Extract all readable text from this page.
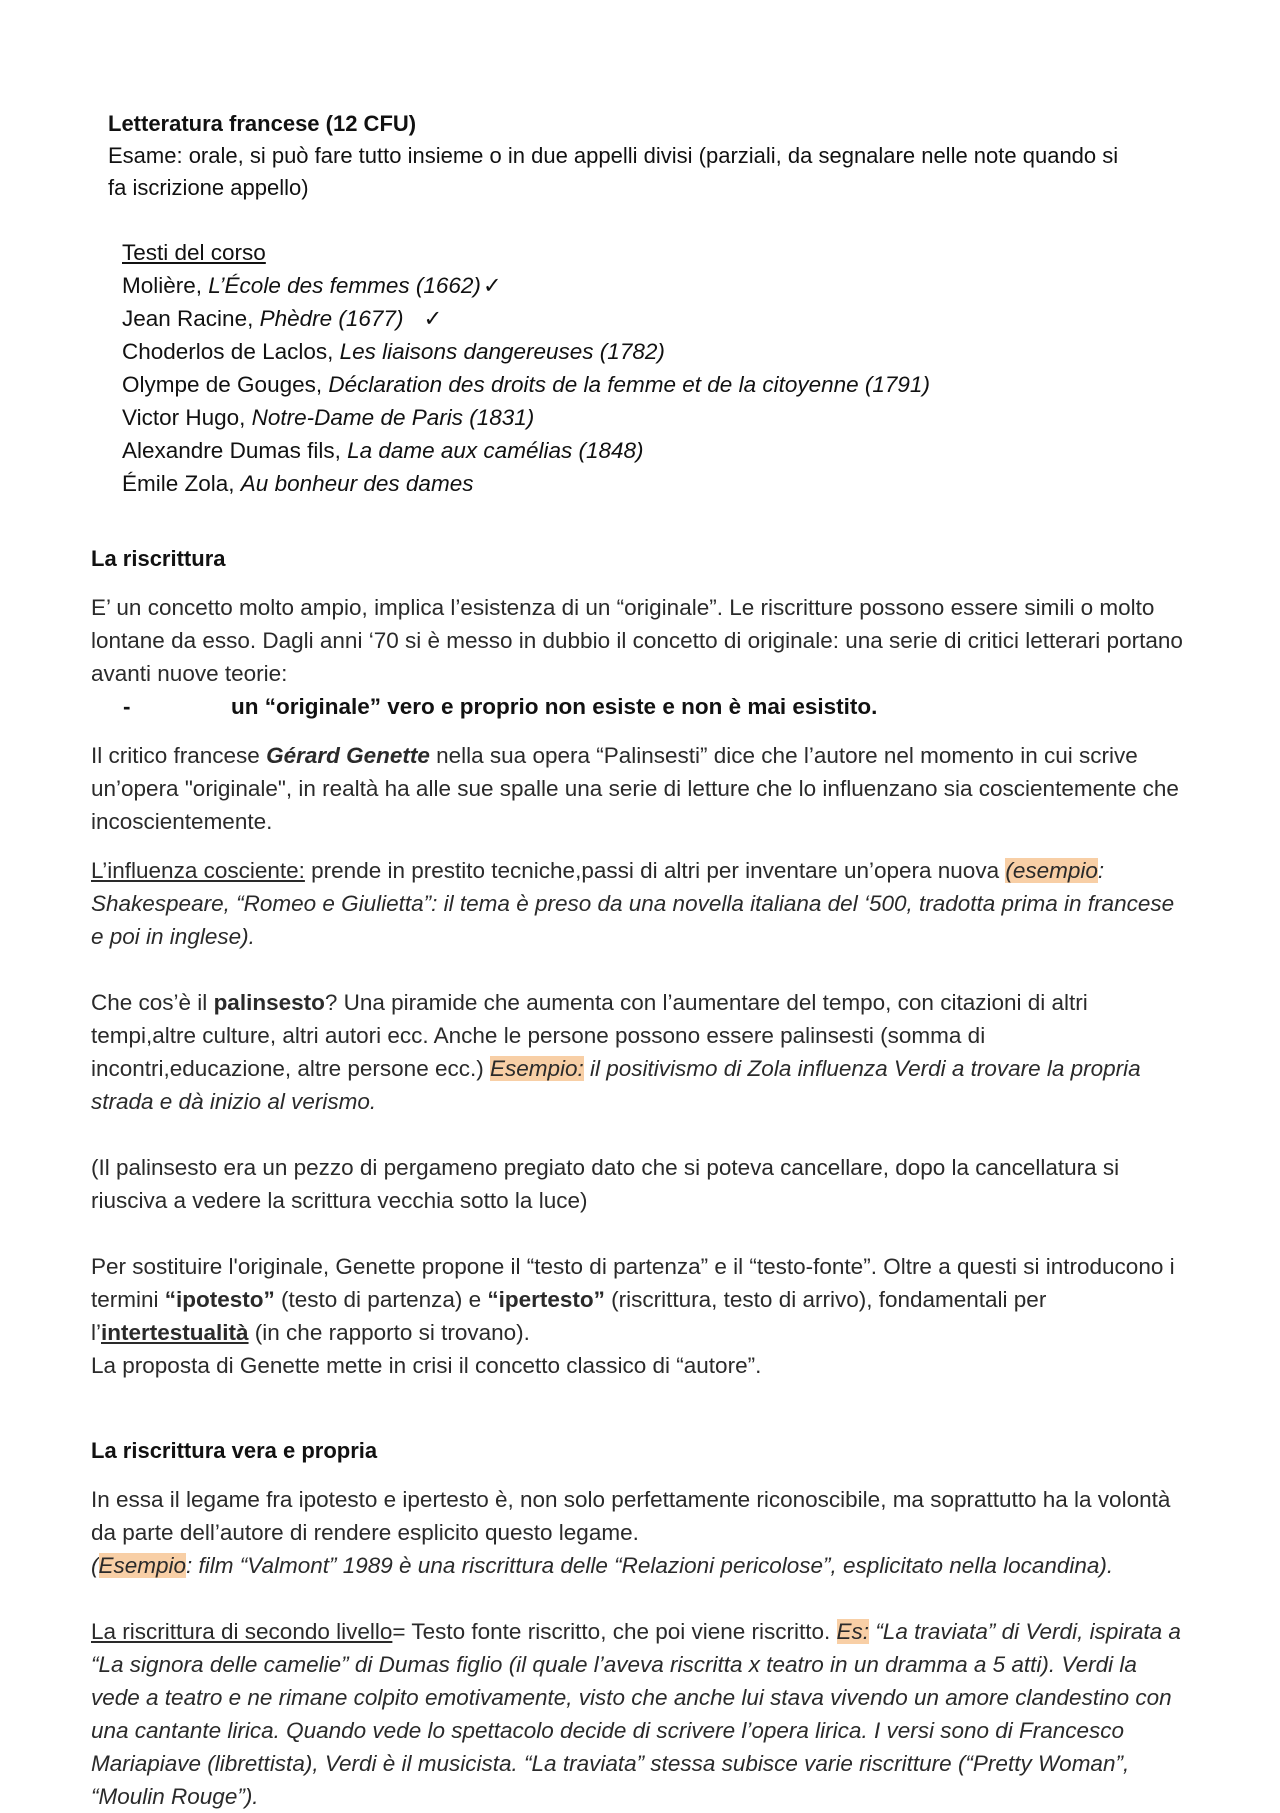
Letteratura francese (12 CFU)
Esame: orale, si può fare tutto insieme o in due appelli divisi (parziali, da segnalare nelle note quando si fa iscrizione appello)
Testi del corso
Molière, L’École des femmes (1662)✓
Jean Racine, Phèdre (1677) ✓
Choderlos de Laclos, Les liaisons dangereuses (1782)
Olympe de Gouges, Déclaration des droits de la femme et de la citoyenne (1791)
Victor Hugo, Notre-Dame de Paris (1831)
Alexandre Dumas fils, La dame aux camélias (1848)
Émile Zola, Au bonheur des dames
La riscrittura

E’ un concetto molto ampio, implica l’esistenza di un “originale”. Le riscritture possono essere simili o molto lontane da esso. Dagli anni ‘70 si è messo in dubbio il concetto di originale: una serie di critici letterari portano avanti nuove teorie:

-	un “originale” vero e proprio non esiste e non è mai esistito.

Il critico francese Gérard Genette nella sua opera “Palinsesti” dice che l’autore nel momento in cui scrive un’opera "originale", in realtà ha alle sue spalle una serie di letture che lo influenzano sia coscientemente che incoscientemente.

L’influenza cosciente: prende in prestito tecniche,passi di altri per inventare un’opera nuova (esempio: Shakespeare, “Romeo e Giulietta”: il tema è preso da una novella italiana del ‘500, tradotta prima in francese e poi in inglese).

Che cos’è il palinsesto? Una piramide che aumenta con l’aumentare del tempo, con citazioni di altri tempi,altre culture, altri autori ecc. Anche le persone possono essere palinsesti (somma di incontri,educazione, altre persone ecc.) Esempio: il positivismo di Zola influenza Verdi a trovare la propria strada e dà inizio al verismo.

(Il palinsesto era un pezzo di pergameno pregiato dato che si poteva cancellare, dopo la cancellatura si riusciva a vedere la scrittura vecchia sotto la luce)

Per sostituire l'originale, Genette propone il “testo di partenza” e il “testo-fonte”. Oltre a questi si introducono i termini “ipotesto” (testo di partenza) e “ipertesto” (riscrittura, testo di arrivo), fondamentali per l’intertestualità (in che rapporto si trovano).
La proposta di Genette mette in crisi il concetto classico di “autore”.

La riscrittura vera e propria

In essa il legame fra ipotesto e ipertesto è, non solo perfettamente riconoscibile, ma soprattutto ha la volontà da parte dell’autore di rendere esplicito questo legame.
(Esempio: film “Valmont” 1989 è una riscrittura delle “Relazioni pericolose”, esplicitato nella locandina).

La riscrittura di secondo livello= Testo fonte riscritto, che poi viene riscritto. Es: “La traviata” di Verdi, ispirata a “La signora delle camelie” di Dumas figlio (il quale l’aveva riscritta x teatro in un dramma a 5 atti). Verdi la vede a teatro e ne rimane colpito emotivamente, visto che anche lui stava vivendo un amore clandestino con una cantante lirica. Quando vede lo spettacolo decide di scrivere l’opera lirica. I versi sono di Francesco Mariapiave (librettista), Verdi è il musicista. “La traviata” stessa subisce varie riscritture (“Pretty Woman”, “Moulin Rouge”).
